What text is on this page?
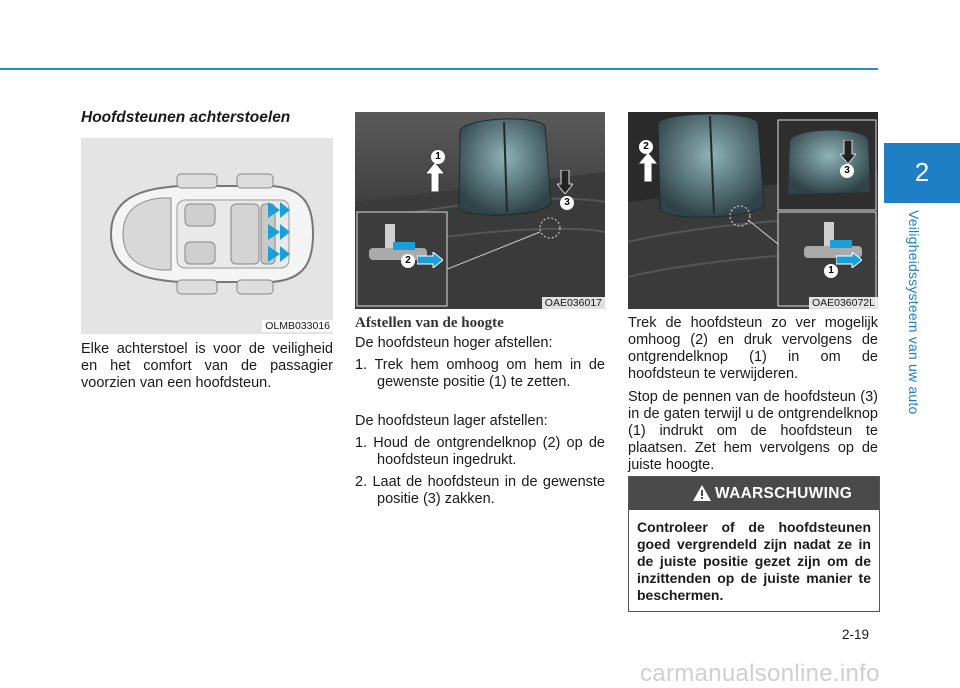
2
Veiligheidssysteem van uw auto
Hoofdsteunen achterstoelen
OLMB033016
Elke achterstoel is voor de veiligheid en het comfort van de passagier voorzien van een hoofdsteun.
1
2
3
OAE036017
Afstellen van de hoogte

De hoofdsteun hoger afstellen:

1. Trek hem omhoog om hem in de gewenste positie (1) te zetten.

De hoofdsteun lager afstellen:

1. Houd de ontgrendelknop (2) op de hoofdsteun ingedrukt.

2. Laat de hoofdsteun in de gewenste positie (3) zakken.

2
3
1
OAE036072L

Trek de hoofdsteun zo ver mogelijk omhoog (2) en druk vervolgens de ontgrendelknop (1) in om de hoofdsteun te verwijderen.

Stop de pennen van de hoofdsteun (3) in de gaten terwijl u de ontgrendelknop (1) indrukt om de hoofdsteun te plaatsen. Zet hem vervolgens op de juiste hoogte.

WAARSCHUWING
Controleer of de hoofdsteunen goed vergrendeld zijn nadat ze in de juiste positie gezet zijn om de inzittenden op de juiste manier te beschermen.
2-19
carmanualsonline.info
